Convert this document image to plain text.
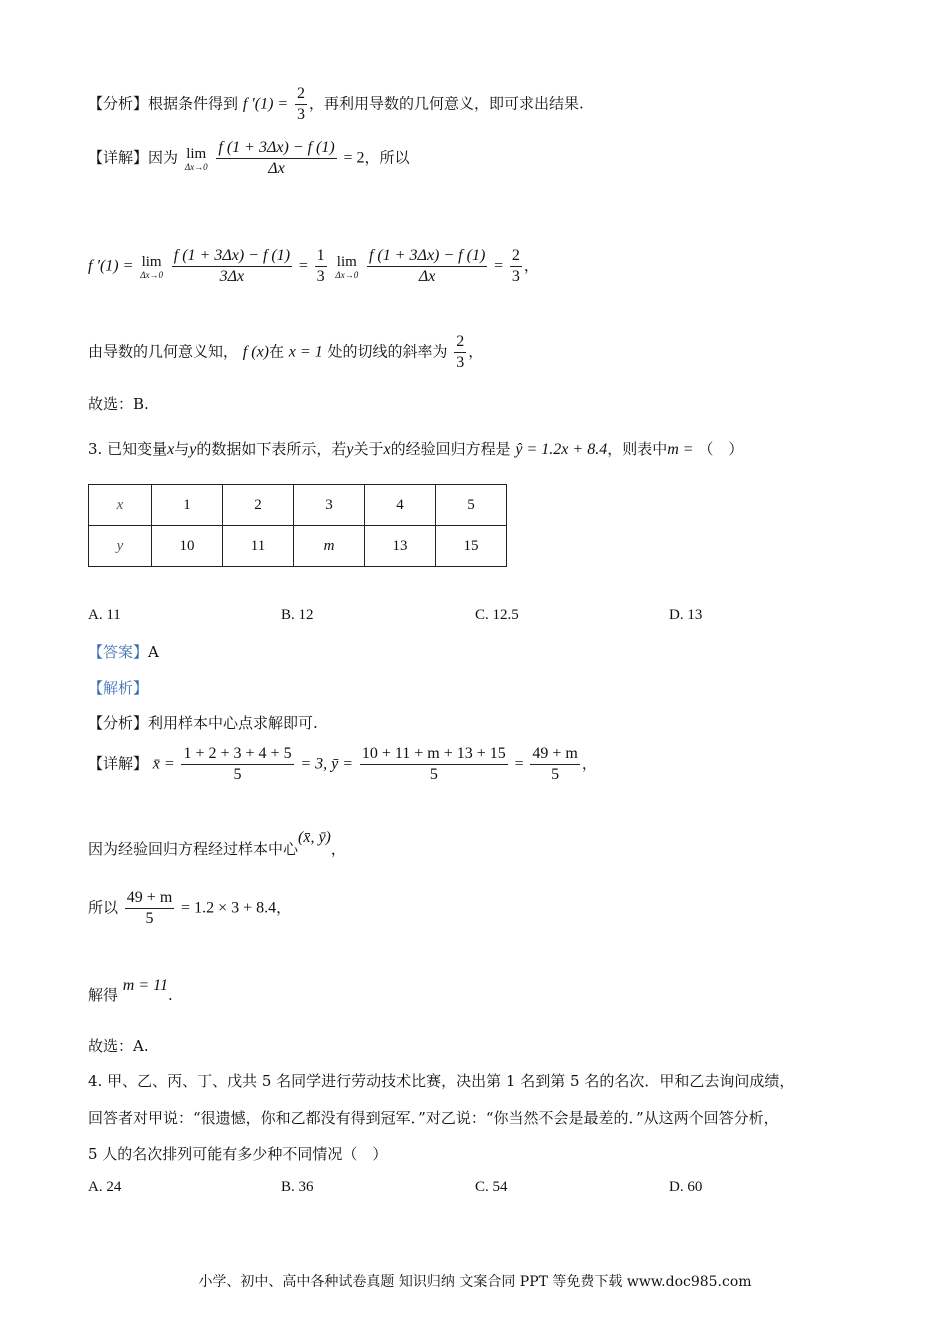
【分析】根据条件得到 f $'(1) = \frac{2}{3}$ ，再利用导数的几何意义，即可求出结果.
【详解】因为 lim
Δx→0
$\frac{f (1 + 3\Delta x) - f (1)}{\Delta x} = 2$，所以
f ′(1) = lim
Δx→0
$\frac{f (1 + 3\Delta x) - f (1)}{3\Delta x} = \frac{1}{3}$
lim
Δx→0
$\frac{f (1 + 3\Delta x) - f (1)}{\Delta x} = \frac{2}{3}$ ，
由导数的几何意义知， f (x)在 x = 1 处的切线的斜率为 $\frac{2}{3}$ ，
故选：B.
3. 已知变量x与y的数据如下表所示，若y关于x的经验回归方程是 ŷ = 1.2x + 8.4，则表中m = （　）
x	1	2	3	4	5
y	10	11	m	13	15
A. 11	B. 12	C. 12.5	D. 13
【答案】A
【解析】
【分析】利用样本中心点求解即可.
【详解】 x̄ = $\frac{1 + 2 + 3 + 4 + 5}{5} = 3$, ȳ = $\frac{10 + 11 + m + 13 + 15}{5} = \frac{49 + m}{5}$ ，
因为经验回归方程经过样本中心(x̄, ȳ)，
所以 $\frac{49 + m}{5} = 1.2 \times 3 + 8.4$，
解得 m = 11.
故选：A.
4. 甲、乙、丙、丁、戊共 5 名同学进行劳动技术比赛，决出第 1 名到第 5 名的名次．甲和乙去询问成绩，
回答者对甲说：“很遗憾，你和乙都没有得到冠军．”对乙说：“你当然不会是最差的．”从这两个回答分析，
5 人的名次排列可能有多少种不同情况（　）
A. 24	B. 36	C. 54	D. 60
小学、初中、高中各种试卷真题 知识归纳 文案合同 PPT 等免费下载 www.doc985.com
